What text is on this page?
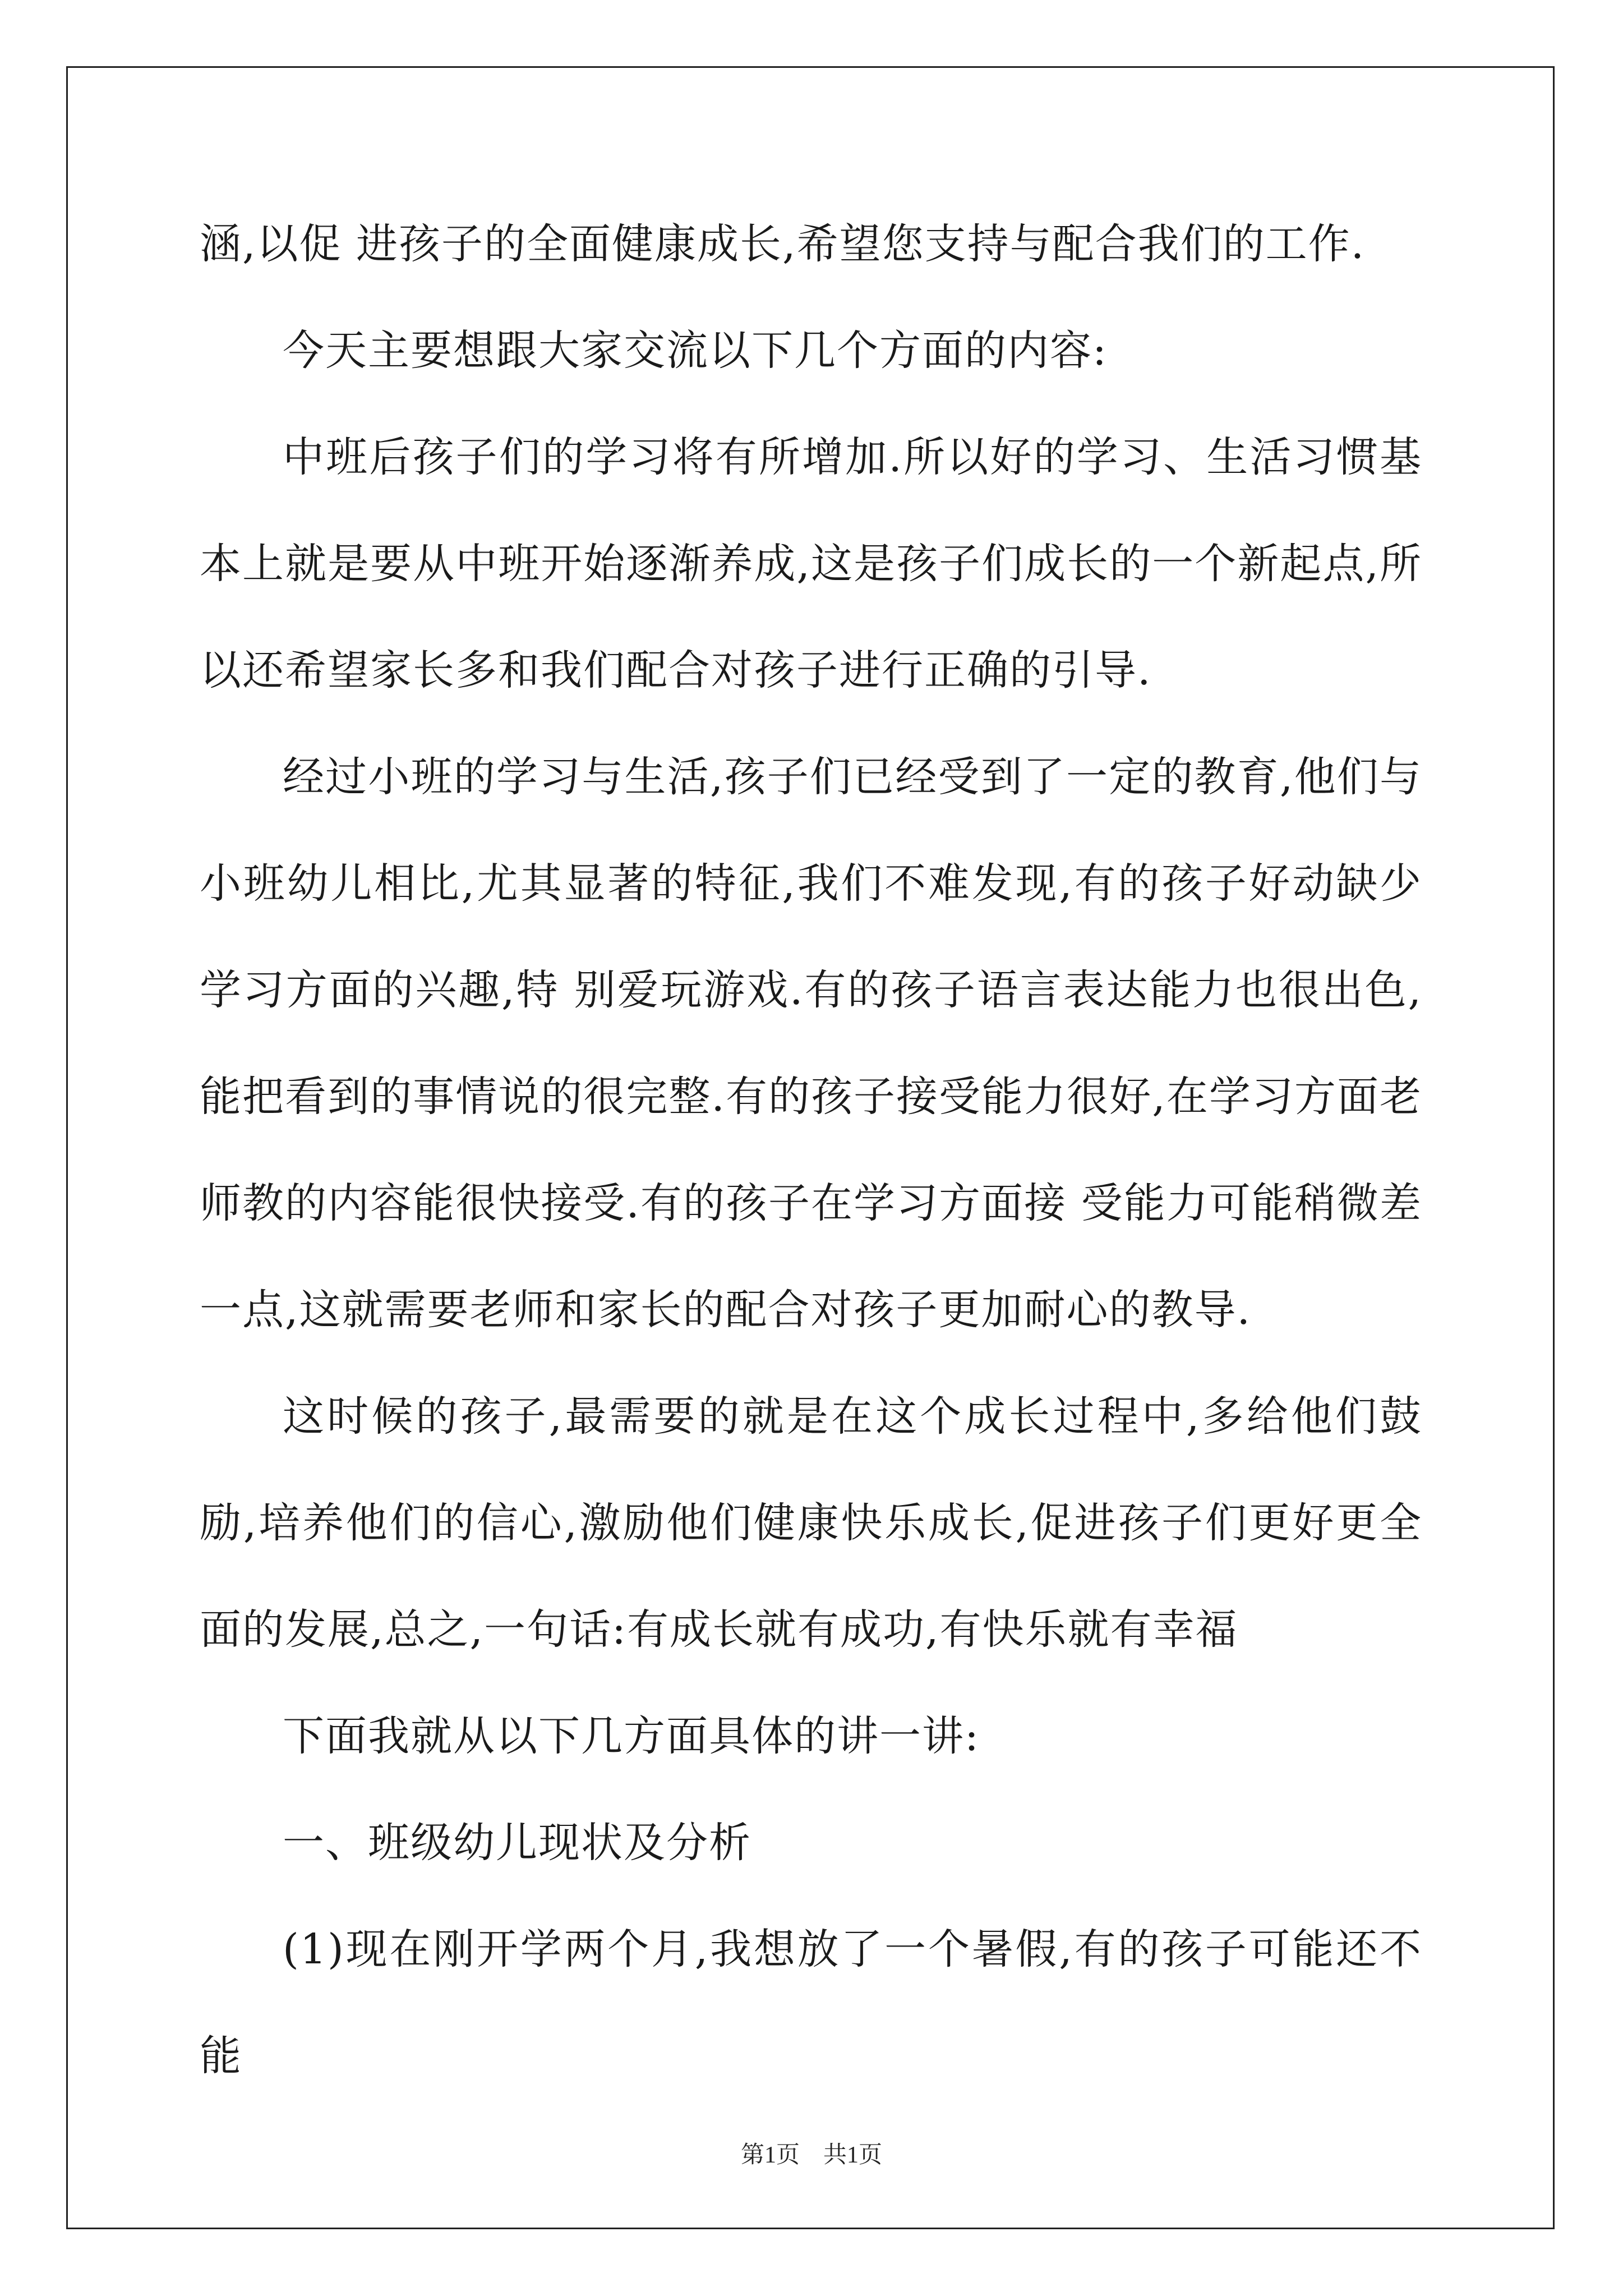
涵,以促 进孩子的全面健康成长,希望您支持与配合我们的工作.

今天主要想跟大家交流以下几个方面的内容:

中班后孩子们的学习将有所增加.所以好的学习、生活习惯基本上就是要从中班开始逐渐养成,这是孩子们成长的一个新起点,所以还希望家长多和我们配合对孩子进行正确的引导.

经过小班的学习与生活,孩子们已经受到了一定的教育,他们与小班幼儿相比,尤其显著的特征,我们不难发现,有的孩子好动缺少学习方面的兴趣,特 别爱玩游戏.有的孩子语言表达能力也很出色,能把看到的事情说的很完整.有的孩子接受能力很好,在学习方面老师教的内容能很快接受.有的孩子在学习方面接 受能力可能稍微差一点,这就需要老师和家长的配合对孩子更加耐心的教导.

这时候的孩子,最需要的就是在这个成长过程中,多给他们鼓励,培养他们的信心,激励他们健康快乐成长,促进孩子们更好更全面的发展,总之,一句话:有成长就有成功,有快乐就有幸福

下面我就从以下几方面具体的讲一讲:

一、班级幼儿现状及分析

(1)现在刚开学两个月,我想放了一个暑假,有的孩子可能还不能

第1页　共1页
